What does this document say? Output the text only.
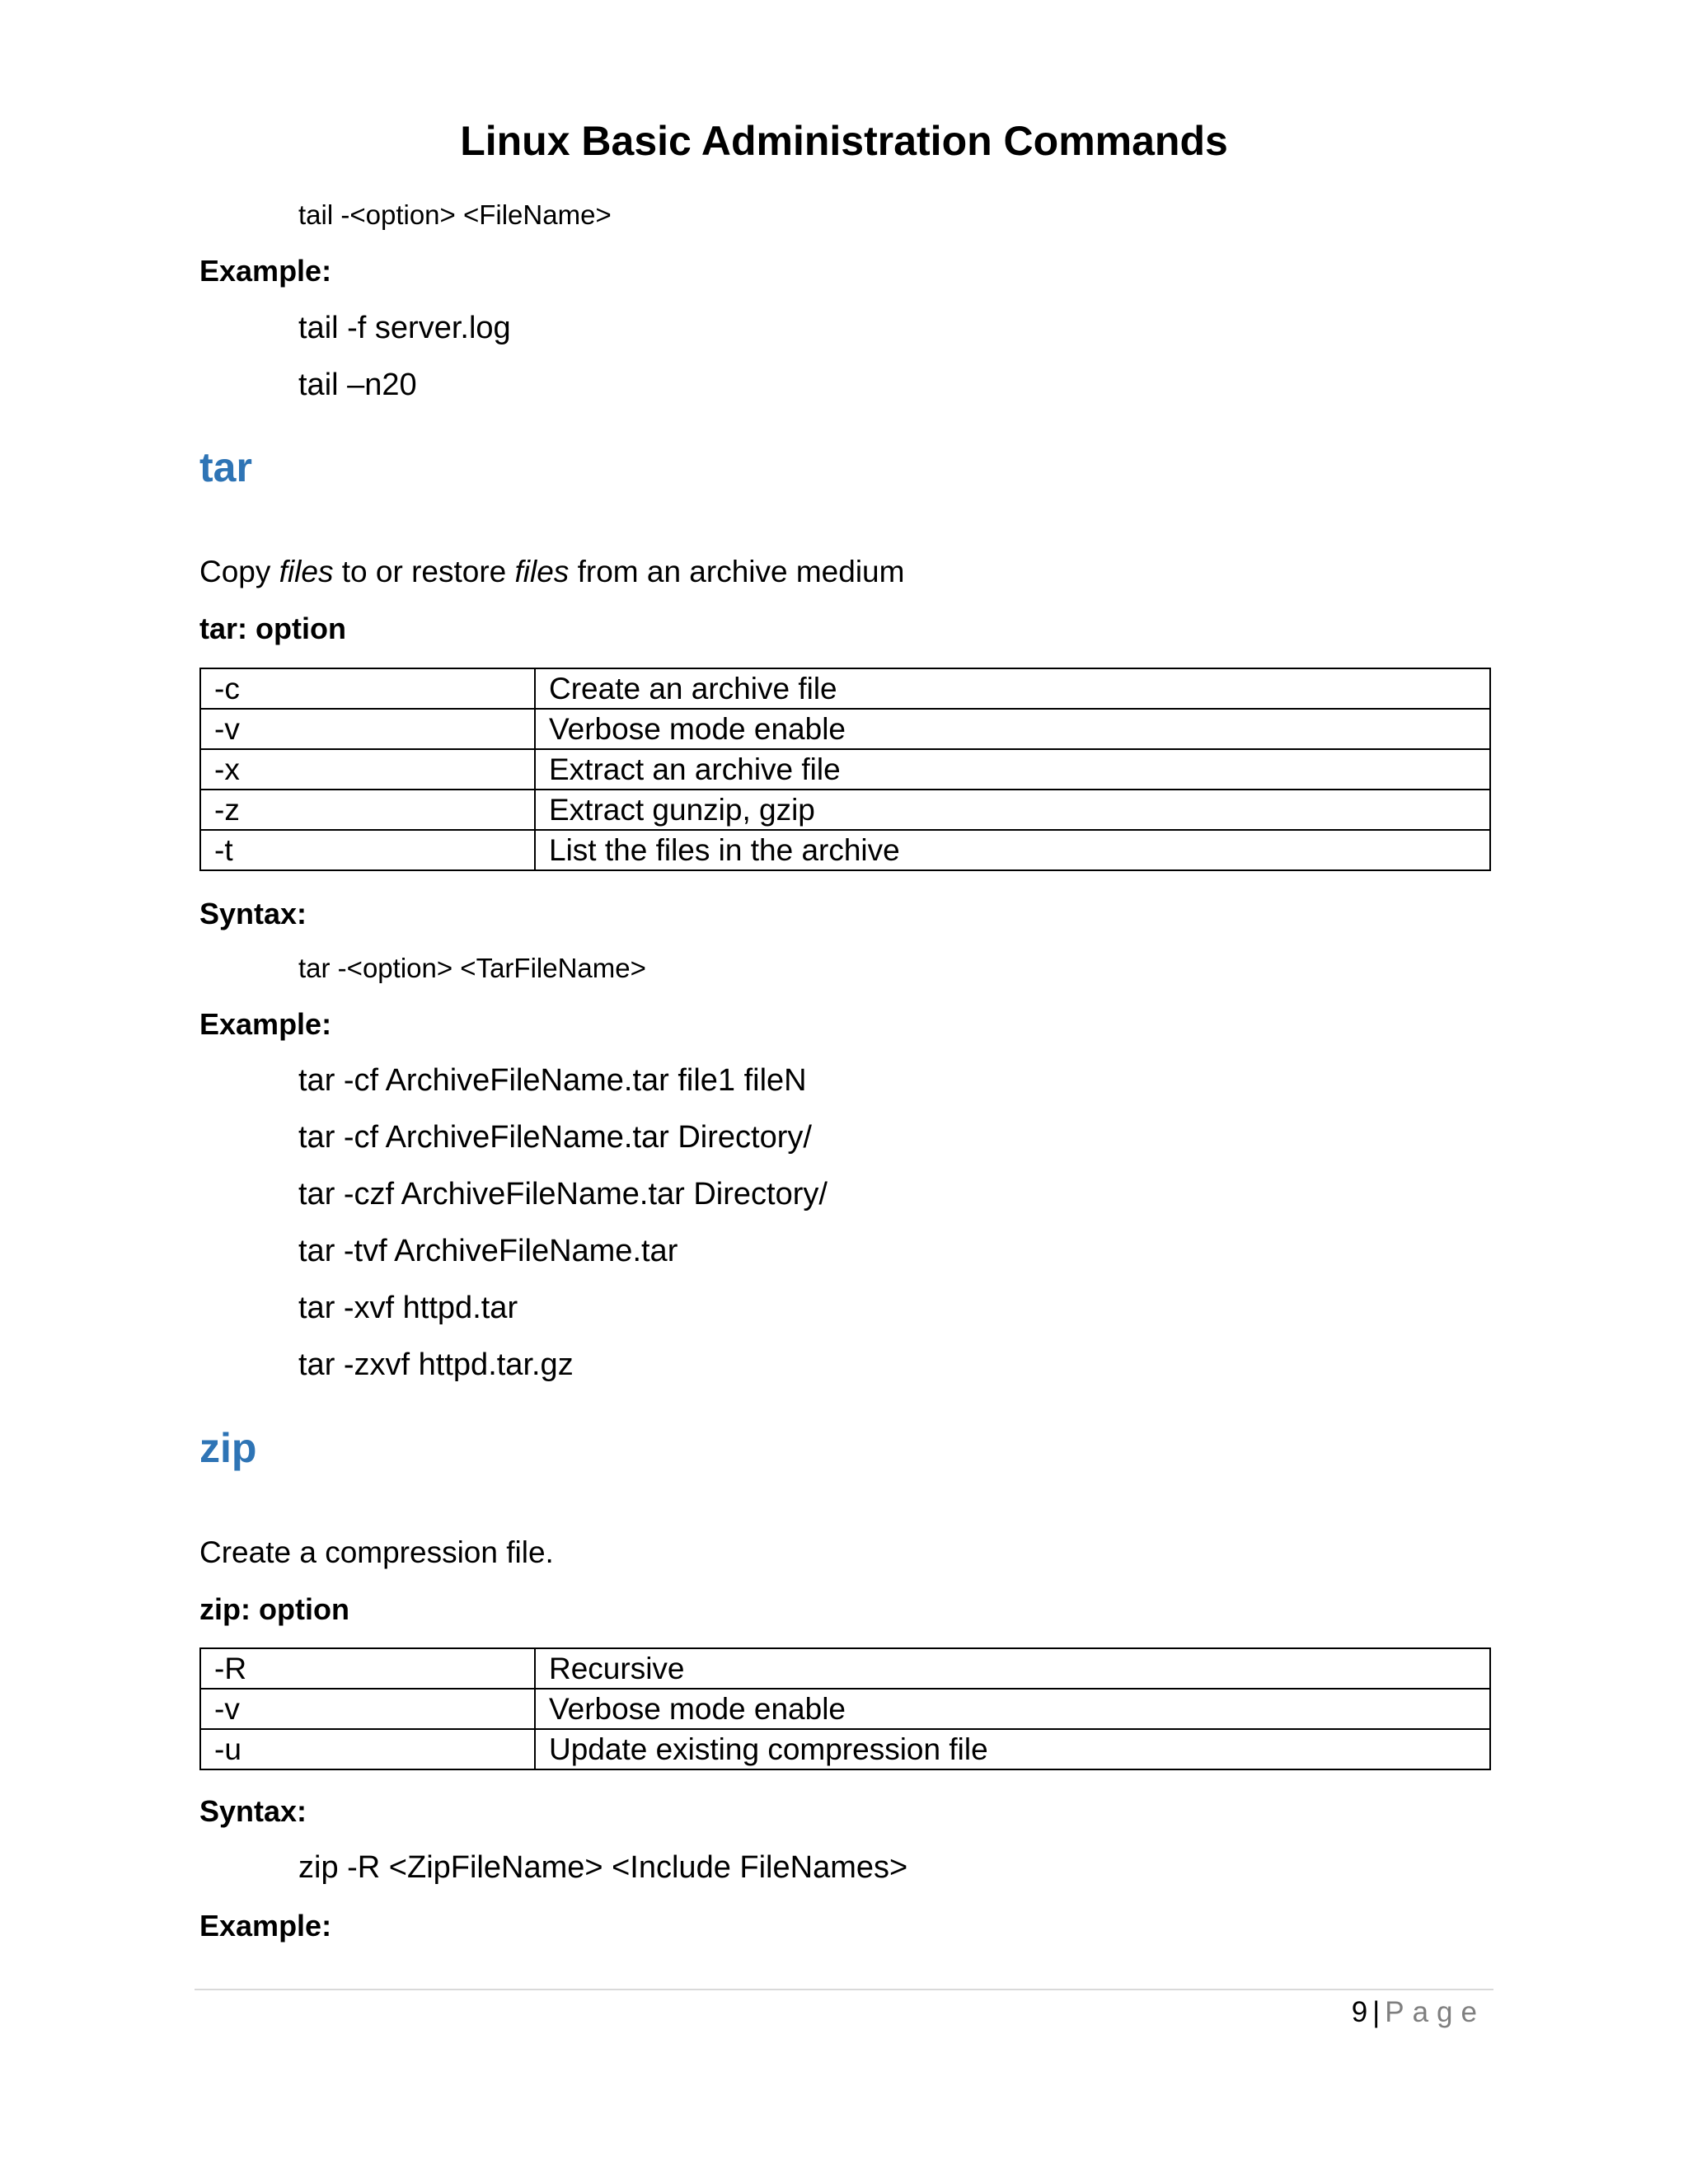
Linux Basic Administration Commands
tail -<option> <FileName>
Example:
tail -f server.log
tail –n20
tar
Copy files to or restore files from an archive medium
tar: option
-c	Create an archive file
-v	Verbose mode enable
-x	Extract an archive file
-z	Extract gunzip, gzip
-t	List the files in the archive
Syntax:
tar -<option> <TarFileName>
Example:
tar -cf ArchiveFileName.tar file1 fileN
tar -cf ArchiveFileName.tar Directory/
tar -czf ArchiveFileName.tar Directory/
tar -tvf ArchiveFileName.tar
tar -xvf httpd.tar
tar -zxvf httpd.tar.gz
zip
Create a compression file.
zip: option
-R	Recursive
-v	Verbose mode enable
-u	Update existing compression file
Syntax:
zip -R <ZipFileName> <Include FileNames>
Example:
9 | Page
